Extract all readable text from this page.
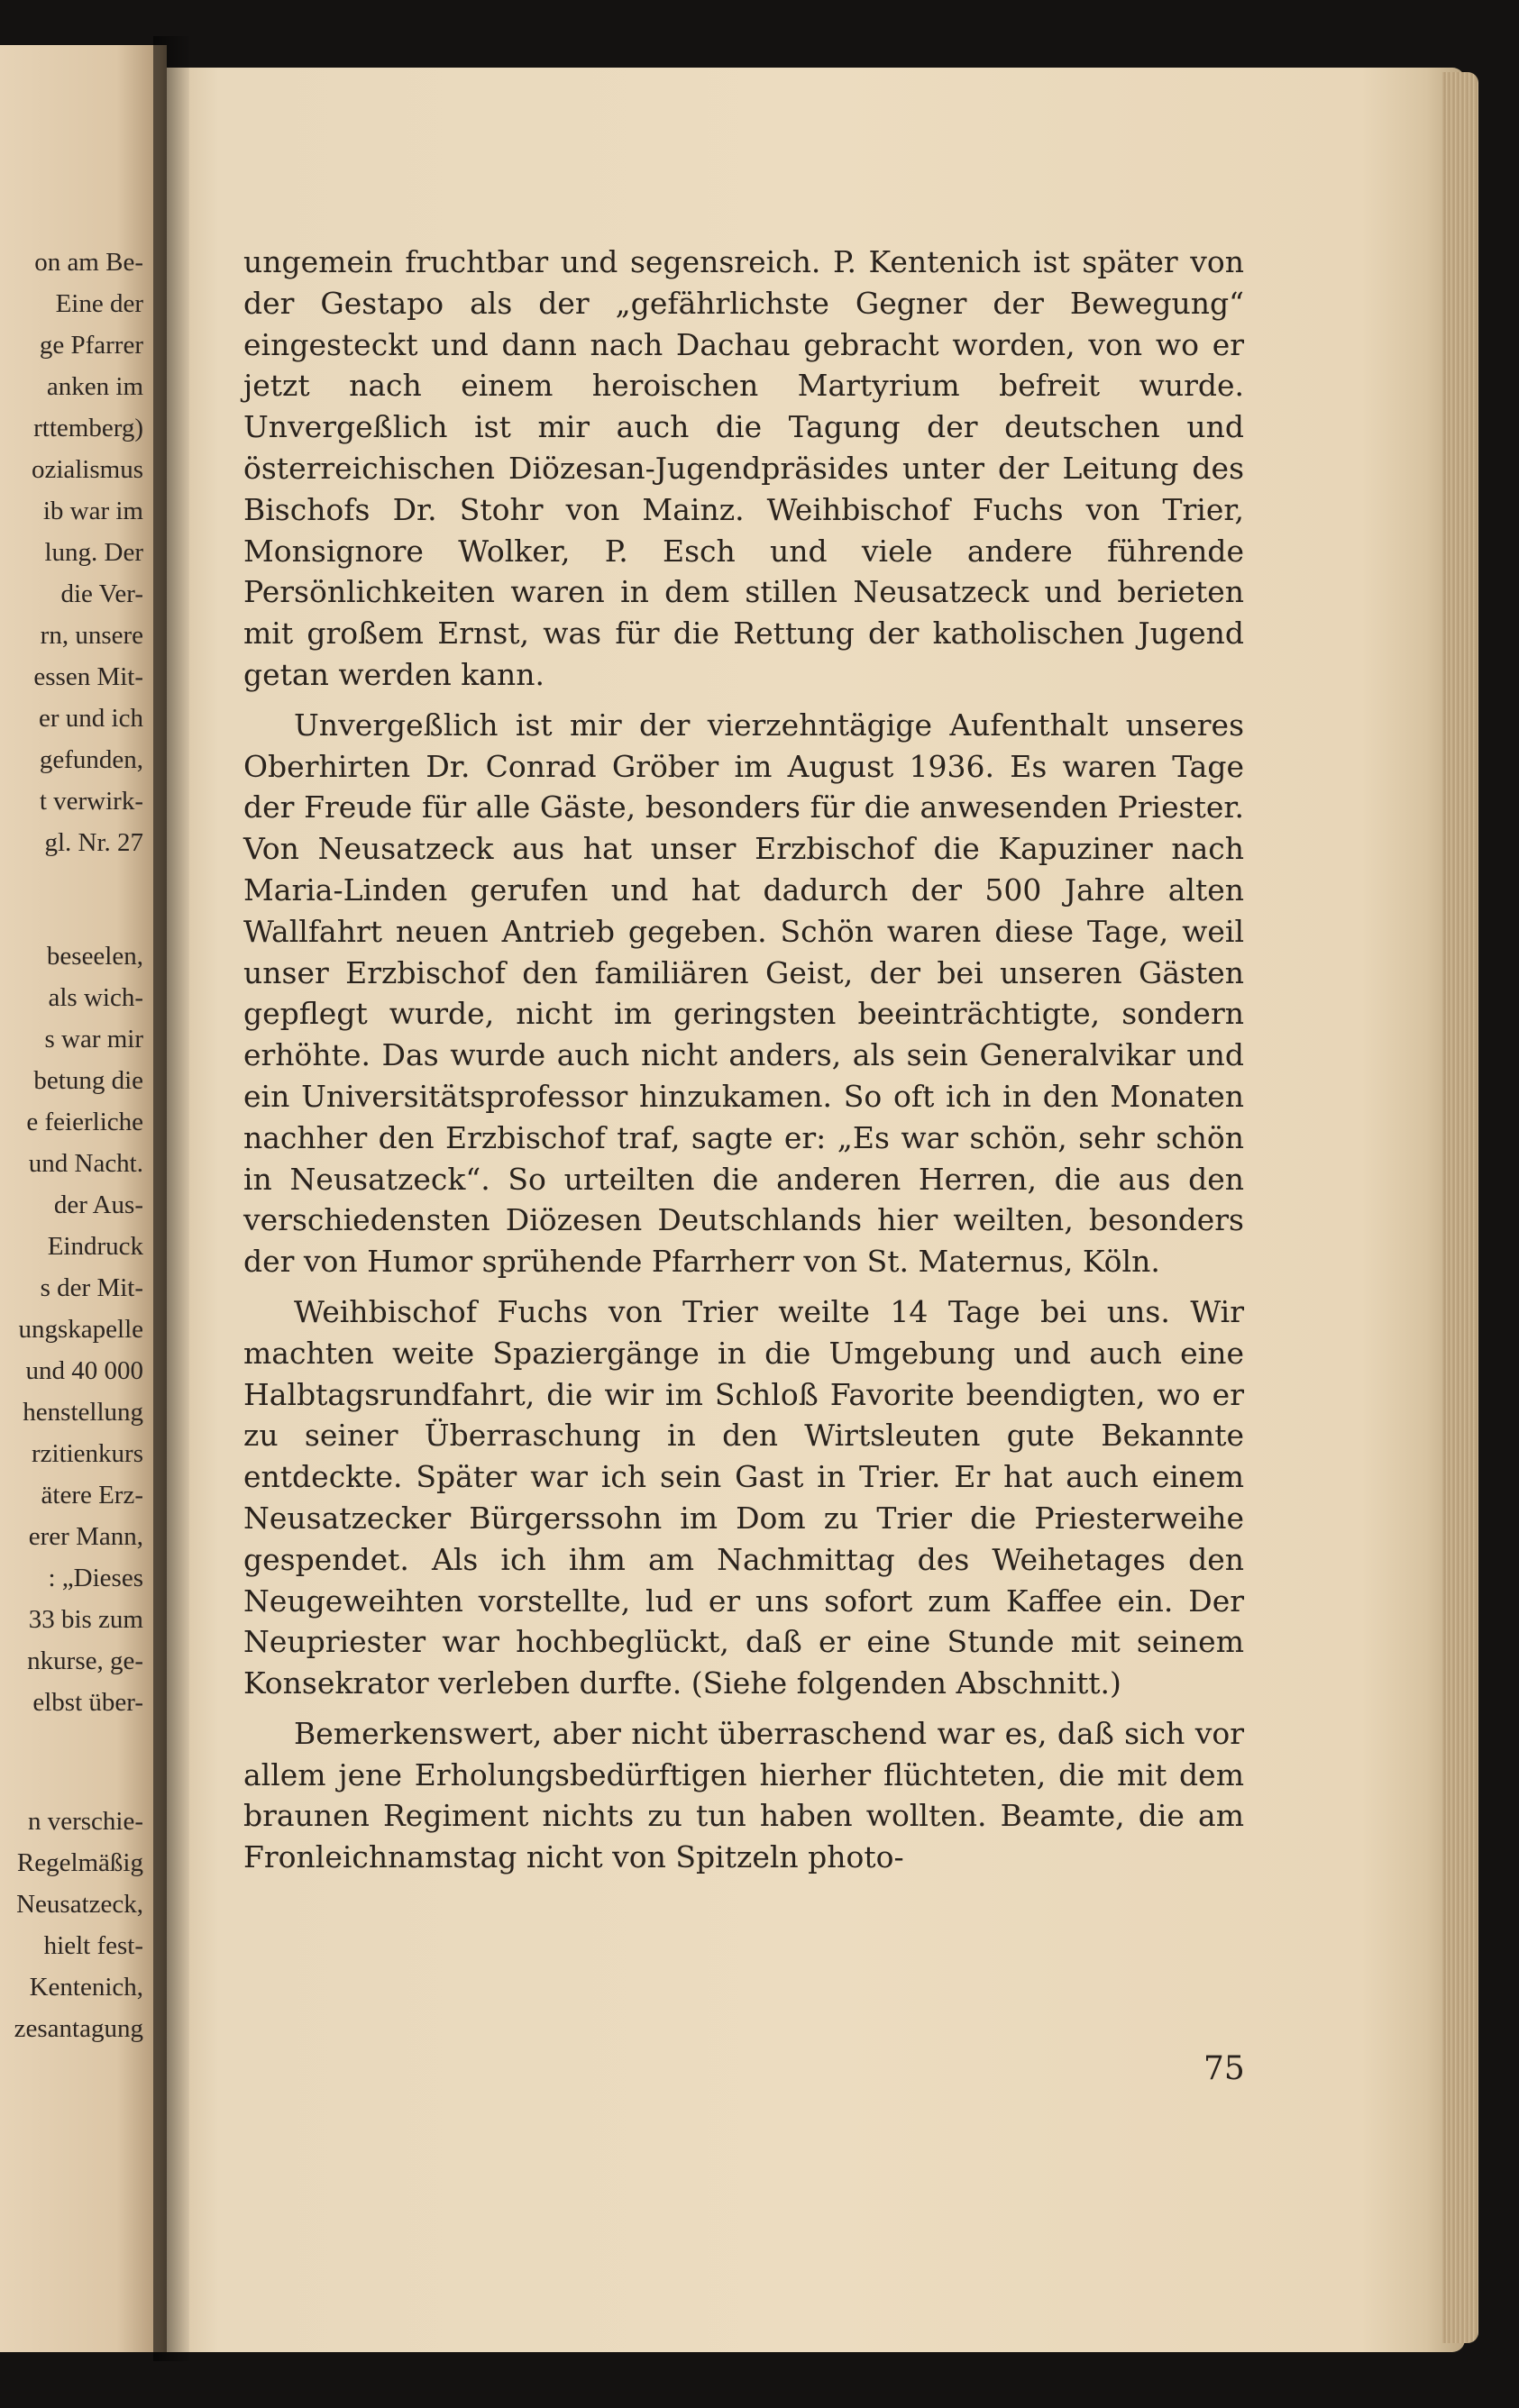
on am Be-
Eine der
ge Pfarrer
anken im
rttemberg)
ozialismus
ib war im
lung. Der
die Ver-
rn, unsere
essen Mit-
er und ich
gefunden,
t verwirk-
gl. Nr. 27
beseelen,
als wich-
s war mir
betung die
e feierliche
und Nacht.
der Aus-
Eindruck
s der Mit-
ungskapelle
und 40 000
henstellung
rzitienkurs
ätere Erz-
erer Mann,
: „Dieses
33 bis zum
nkurse, ge-
elbst über-
n verschie-
Regelmäßig
Neusatzeck,
hielt fest-
Kentenich,
zesantagung

ungemein fruchtbar und segensreich. P. Kentenich ist später von der Gestapo als der „gefährlichste Gegner der Bewegung“ eingesteckt und dann nach Dachau gebracht worden, von wo er jetzt nach einem heroischen Martyrium befreit wurde. Unvergeßlich ist mir auch die Tagung der deutschen und österreichischen Diözesan-Jugendpräsides unter der Leitung des Bischofs Dr. Stohr von Mainz. Weihbischof Fuchs von Trier, Monsignore Wolker, P. Esch und viele andere führende Persönlichkeiten waren in dem stillen Neusatzeck und berieten mit großem Ernst, was für die Rettung der katholischen Jugend getan werden kann.

Unvergeßlich ist mir der vierzehntägige Aufenthalt unseres Oberhirten Dr. Conrad Gröber im August 1936. Es waren Tage der Freude für alle Gäste, besonders für die anwesenden Priester. Von Neusatzeck aus hat unser Erzbischof die Kapuziner nach Maria-Linden gerufen und hat dadurch der 500 Jahre alten Wallfahrt neuen Antrieb gegeben. Schön waren diese Tage, weil unser Erzbischof den familiären Geist, der bei unseren Gästen gepflegt wurde, nicht im geringsten beeinträchtigte, sondern erhöhte. Das wurde auch nicht anders, als sein Generalvikar und ein Universitätsprofessor hinzukamen. So oft ich in den Monaten nachher den Erzbischof traf, sagte er: „Es war schön, sehr schön in Neusatzeck“. So urteilten die anderen Herren, die aus den verschiedensten Diözesen Deutschlands hier weilten, besonders der von Humor sprühende Pfarrherr von St. Maternus, Köln.

Weihbischof Fuchs von Trier weilte 14 Tage bei uns. Wir machten weite Spaziergänge in die Umgebung und auch eine Halbtagsrundfahrt, die wir im Schloß Favorite beendigten, wo er zu seiner Überraschung in den Wirtsleuten gute Bekannte entdeckte. Später war ich sein Gast in Trier. Er hat auch einem Neusatzecker Bürgerssohn im Dom zu Trier die Priesterweihe gespendet. Als ich ihm am Nachmittag des Weihetages den Neugeweihten vorstellte, lud er uns sofort zum Kaffee ein. Der Neupriester war hochbeglückt, daß er eine Stunde mit seinem Konsekrator verleben durfte. (Siehe folgenden Abschnitt.)

Bemerkenswert, aber nicht überraschend war es, daß sich vor allem jene Erholungsbedürftigen hierher flüchteten, die mit dem braunen Regiment nichts zu tun haben wollten. Beamte, die am Fronleichnamstag nicht von Spitzeln photo-

75
